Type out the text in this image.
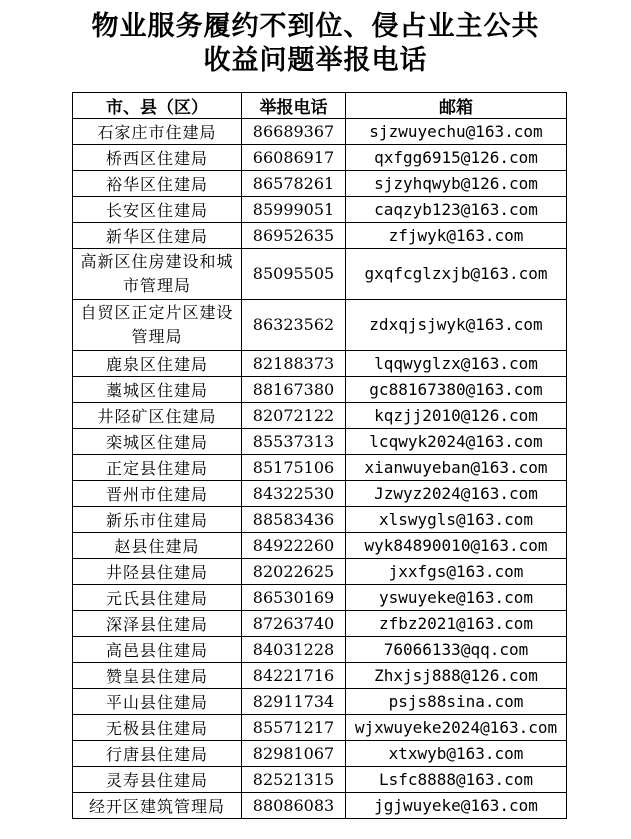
物业服务履约不到位、侵占业主公共
收益问题举报电话
市、县（区）	举报电话	邮箱
石家庄市住建局	86689367	sjzwuyechu@163.com
桥西区住建局	66086917	qxfgg6915@126.com
裕华区住建局	86578261	sjzyhqwyb@126.com
长安区住建局	85999051	caqzyb123@163.com
新华区住建局	86952635	zfjwyk@163.com
高新区住房建设和城市管理局	85095505	gxqfcglzxjb@163.com
自贸区正定片区建设管理局	86323562	zdxqjsjwyk@163.com
鹿泉区住建局	82188373	lqqwyglzx@163.com
藁城区住建局	88167380	gc88167380@163.com
井陉矿区住建局	82072122	kqzjj2010@126.com
栾城区住建局	85537313	lcqwyk2024@163.com
正定县住建局	85175106	xianwuyeban@163.com
晋州市住建局	84322530	Jzwyz2024@163.com
新乐市住建局	88583436	xlswygls@163.com
赵县住建局	84922260	wyk84890010@163.com
井陉县住建局	82022625	jxxfgs@163.com
元氏县住建局	86530169	yswuyeke@163.com
深泽县住建局	87263740	zfbz2021@163.com
高邑县住建局	84031228	76066133@qq.com
赞皇县住建局	84221716	Zhxjsj888@126.com
平山县住建局	82911734	psjs88sina.com
无极县住建局	85571217	wjxwuyeke2024@163.com
行唐县住建局	82981067	xtxwyb@163.com
灵寿县住建局	82521315	Lsfc8888@163.com
经开区建筑管理局	88086083	jgjwuyeke@163.com
